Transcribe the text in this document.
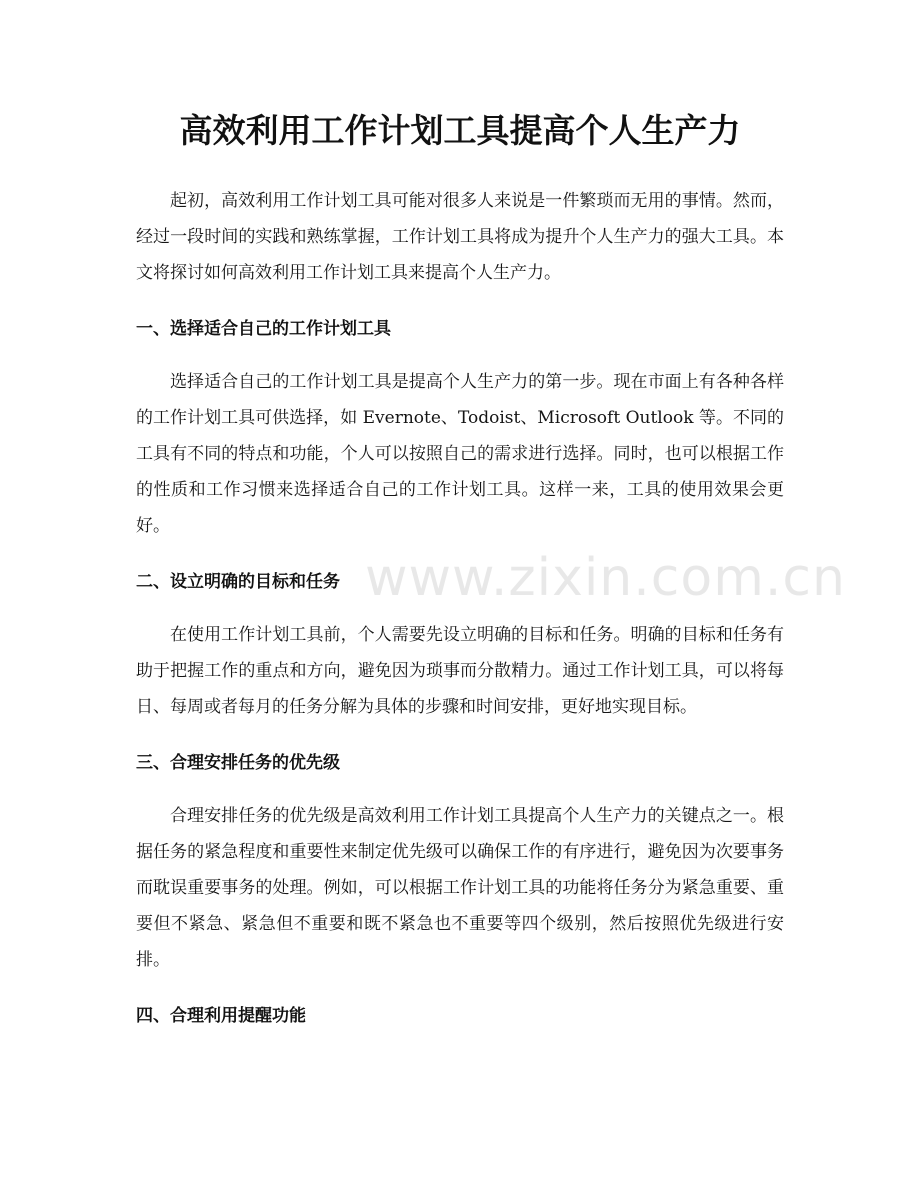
高效利用工作计划工具提高个人生产力

起初，高效利用工作计划工具可能对很多人来说是一件繁琐而无用的事情。然而，经过一段时间的实践和熟练掌握，工作计划工具将成为提升个人生产力的强大工具。本文将探讨如何高效利用工作计划工具来提高个人生产力。

一、选择适合自己的工作计划工具

选择适合自己的工作计划工具是提高个人生产力的第一步。现在市面上有各种各样的工作计划工具可供选择，如 Evernote、Todoist、Microsoft Outlook 等。不同的工具有不同的特点和功能，个人可以按照自己的需求进行选择。同时，也可以根据工作的性质和工作习惯来选择适合自己的工作计划工具。这样一来，工具的使用效果会更好。

二、设立明确的目标和任务

在使用工作计划工具前，个人需要先设立明确的目标和任务。明确的目标和任务有助于把握工作的重点和方向，避免因为琐事而分散精力。通过工作计划工具，可以将每日、每周或者每月的任务分解为具体的步骤和时间安排，更好地实现目标。

三、合理安排任务的优先级

合理安排任务的优先级是高效利用工作计划工具提高个人生产力的关键点之一。根据任务的紧急程度和重要性来制定优先级可以确保工作的有序进行，避免因为次要事务而耽误重要事务的处理。例如，可以根据工作计划工具的功能将任务分为紧急重要、重要但不紧急、紧急但不重要和既不紧急也不重要等四个级别，然后按照优先级进行安排。

四、合理利用提醒功能
www.zixin.com.cn
